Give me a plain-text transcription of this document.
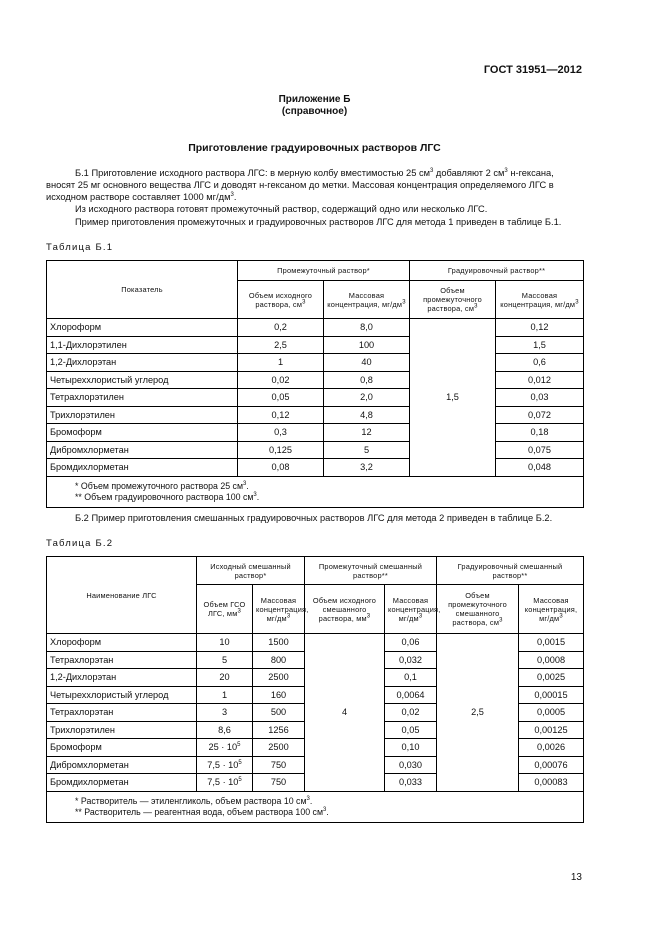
ГОСТ 31951—2012
Приложение Б
(справочное)
Приготовление градуировочных растворов ЛГС
Б.1 Приготовление исходного раствора ЛГС: в мерную колбу вместимостью 25 $см^3$ добавляют 2 $см^3$ н-гексана, вносят 25 мг основного вещества ЛГС и доводят н-гексаном до метки. Массовая концентрация определяемого ЛГС в исходном растворе составляет 1000 $мг/дм^3$.
Из исходного раствора готовят промежуточный раствор, содержащий одно или несколько ЛГС.
Пример приготовления промежуточных и градуировочных растворов ЛГС для метода 1 приведен в таблице Б.1.
Таблица Б.1
Показатель	Промежуточный раствор*		Градуировочный раствор**	
	Объем исходного раствора, $см^3$	Массовая концентрация, $мг/дм^3$	Объем промежуточного раствора, $см^3$	Массовая концентрация, $мг/дм^3$
Хлороформ	0,2	8,0	1,5	0,12
1,1-Дихлорэтилен	2,5	100		1,5
1,2-Дихлорэтан	1	40		0,6
Четыреххлористый углерод	0,02	0,8		0,012
Тетрахлорэтилен	0,05	2,0		0,03
Трихлорэтилен	0,12	4,8		0,072
Бромоформ	0,3	12		0,18
Дибромхлорметан	0,125	5		0,075
Бромдихлорметан	0,08	3,2		0,048

* Объем промежуточного раствора 25 $см^3$.
** Объем градуировочного раствора 100 $см^3$.				
Б.2 Пример приготовления смешанных градуировочных растворов ЛГС для метода 2 приведен в таблице Б.2.
Таблица Б.2
Наименование ЛГС	Исходный смешанный раствор*		Промежуточный смешанный раствор**		Градуировочный смешанный раствор**	
	Объем ГСО ЛГС, $мм^3$	Массовая концентрация, $мг/дм^3$	Объем исходного смешанного раствора, $мм^3$	Массовая концентрация, $мг/дм^3$	Объем промежуточного смешанного раствора, $см^3$	Массовая концентрация, $мг/дм^3$
Хлороформ	10	1500	4	0,06	2,5	0,0015
Тетрахлорэтан	5	800		0,032		0,0008
1,2-Дихлорэтан	20	2500		0,1		0,0025
Четыреххлористый углерод	1	160		0,0064		0,00015
Тетрахлорэтан	3	500		0,02		0,0005
Трихлорэтилен	8,6	1256		0,05		0,00125
Бромоформ	$25 \cdot 10^5$	2500		0,10		0,0026
Дибромхлорметан	$7,5 \cdot 10^5$	750		0,030		0,00076
Бромдихлорметан	$7,5 \cdot 10^5$	750		0,033		0,00083

* Растворитель — этиленгликоль, объем раствора 10 $см^3$.
** Растворитель — реагентная вода, объем раствора 100 $см^3$.						
13
